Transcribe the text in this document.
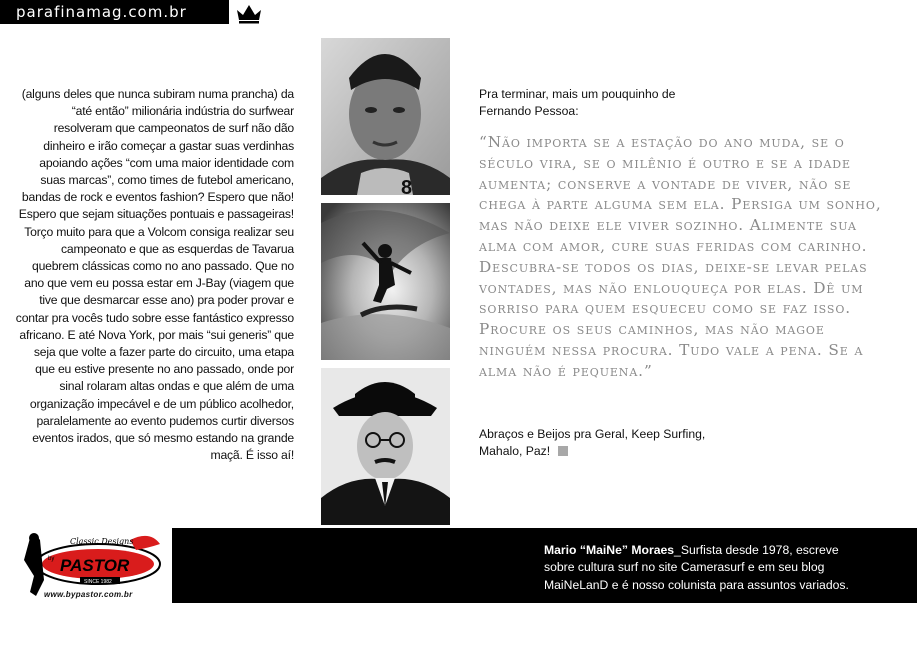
parafinamag.com.br
(alguns deles que nunca subiram numa prancha) da “até então” milionária indústria do surfwear resolveram que campeonatos de surf não dão dinheiro e irão começar a gastar suas verdinhas apoiando ações “com uma maior identidade com suas marcas”, como times de futebol americano, bandas de rock e eventos fashion? Espero que não! Espero que sejam situações pontuais e passageiras! Torço muito para que a Volcom consiga realizar seu campeonato e que as esquerdas de Tavarua quebrem clássicas como no ano passado. Que no ano que vem eu possa estar em J-Bay (viagem que tive que desmarcar esse ano) pra poder provar e contar pra vocês tudo sobre esse fantástico expresso africano. E até Nova York, por mais “sui generis” que seja que volte a fazer parte do circuito, uma etapa que eu estive presente no ano passado, onde por sinal rolaram altas ondas e que além de uma organização impecável e de um público acolhedor, paralelamente ao evento pudemos curtir diversos eventos irados, que só mesmo estando na grande maçã. É isso aí!
8
Pra terminar, mais um pouquinho de
Fernando Pessoa:
“Não importa se a estação do ano muda, se o século vira, se o milênio é outro e se a idade aumenta; conserve a vontade de viver, não se chega à parte alguma sem ela. Persiga um sonho, mas não deixe ele viver sozinho. Alimente sua alma com amor, cure suas feridas com carinho. Descubra-se todos os dias, deixe-se levar pelas vontades, mas não enlouqueça por elas. Dê um sorriso para quem esqueceu como se faz isso. Procure os seus caminhos, mas não magoe ninguém nessa procura. Tudo vale a pena. Se a alma não é pequena.”
Abraços e Beijos pra Geral, Keep Surfing,
Mahalo, Paz!
Classic Designs
by PASTOR
SINCE 1982
www.bypastor.com.br
Mario “MaiNe” Moraes_Surfista desde 1978, escreve sobre cultura surf no site Camerasurf e em seu blog MaiNeLanD e é nosso colunista para assuntos variados.
